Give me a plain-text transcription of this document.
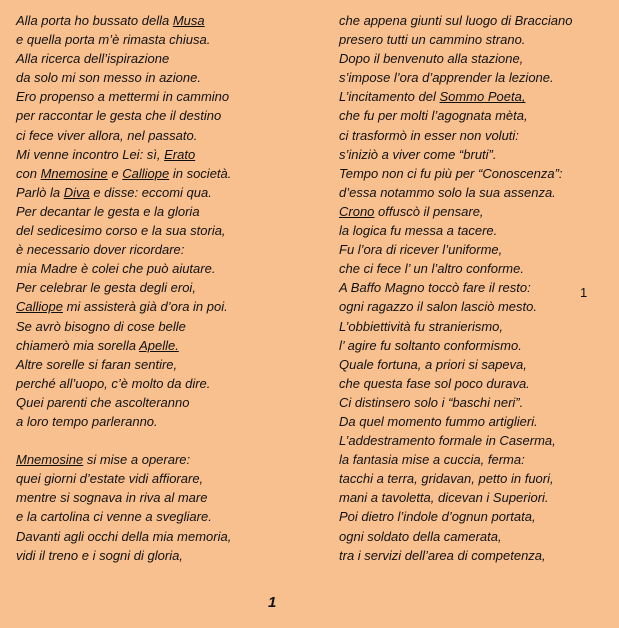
Alla porta ho bussato della Musa
e quella porta m’è rimasta chiusa.
Alla ricerca dell’ispirazione
da solo mi son messo in azione.
Ero propenso a mettermi in cammino
per raccontar le gesta che il destino
ci fece viver allora, nel passato.
Mi venne incontro Lei: sì, Erato
con Mnemosine e Calliope in società.
Parlò la Diva e disse: eccomi qua.
Per decantar le gesta e la gloria
del sedicesimo corso e la sua storia,
è necessario dover ricordare:
mia Madre è colei che può aiutare.
Per celebrar le gesta degli eroi,
Calliope mi assisterà già d’ora in poi.
Se avrò bisogno di cose belle
chiamerò mia sorella Apelle.
Altre sorelle si faran sentire,
perché all’uopo, c’è molto da dire.
Quei parenti che ascolteranno
a loro tempo parleranno.
Mnemosine si mise a operare:
quei giorni d’estate vidi affiorare,
mentre si sognava in riva al mare
e la cartolina ci venne a svegliare.
Davanti agli occhi della mia memoria,
vidi il treno e i sogni di gloria,
che appena giunti sul luogo di Bracciano
presero tutti un cammino strano.
Dopo il benvenuto alla stazione,
s’impose l’ora d’apprender la lezione.
L’incitamento del Sommo Poeta,
che fu per molti l’agognata mèta,
ci trasformò in esser non voluti:
s’iniziò a viver come “bruti”.
Tempo non ci fu più per “Conoscenza”:
d’essa notammo solo la sua assenza.
Crono offuscò il pensare,
la logica fu messa a tacere.
Fu l’ora di ricever l’uniforme,
che ci fece l’ un l’altro conforme.
A Baffo Magno toccò fare il resto:
ogni ragazzo il salon lasciò mesto.
L’obbiettività fu stranierismo,
l’ agire fu soltanto conformismo.
Quale fortuna, a priori si sapeva,
che questa fase sol poco durava.
Ci distinsero solo i “baschi neri”.
Da quel momento fummo artiglieri.
L’addestramento formale in Caserma,
la fantasia mise a cuccia, ferma:
tacchi a terra, gridavan, petto in fuori,
mani a tavoletta, dicevan i Superiori.
Poi dietro l’indole d’ognun portata,
ogni soldato della camerata,
tra i servizi dell’area di competenza,
1
1
